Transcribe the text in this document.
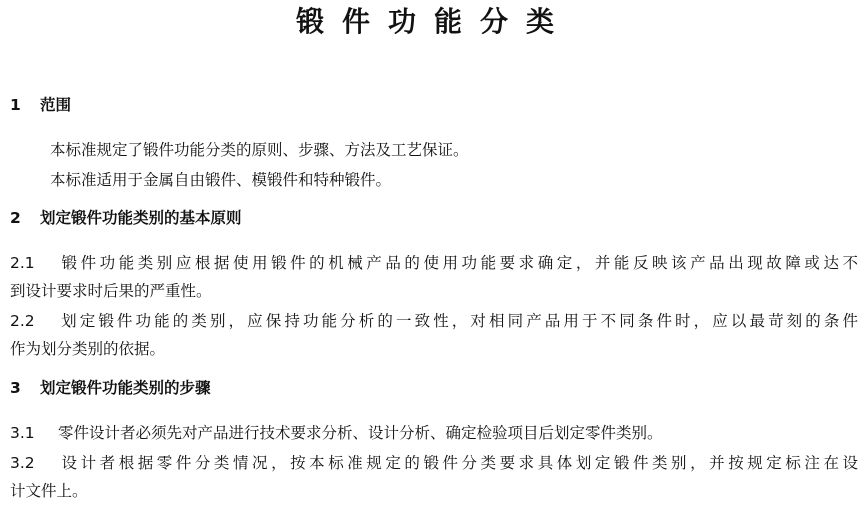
锻件功能分类
1 范围
本标准规定了锻件功能分类的原则、步骤、方法及工艺保证。
本标准适用于金属自由锻件、模锻件和特种锻件。
2 划定锻件功能类别的基本原则
2.1 锻件功能类别应根据使用锻件的机械产品的使用功能要求确定，并能反映该产品出现故障或达不
到设计要求时后果的严重性。
2.2 划定锻件功能的类别，应保持功能分析的一致性，对相同产品用于不同条件时，应以最苛刻的条件
作为划分类别的依据。
3 划定锻件功能类别的步骤
3.1 零件设计者必须先对产品进行技术要求分析、设计分析、确定检验项目后划定零件类别。
3.2 设计者根据零件分类情况，按本标准规定的锻件分类要求具体划定锻件类别，并按规定标注在设
计文件上。
